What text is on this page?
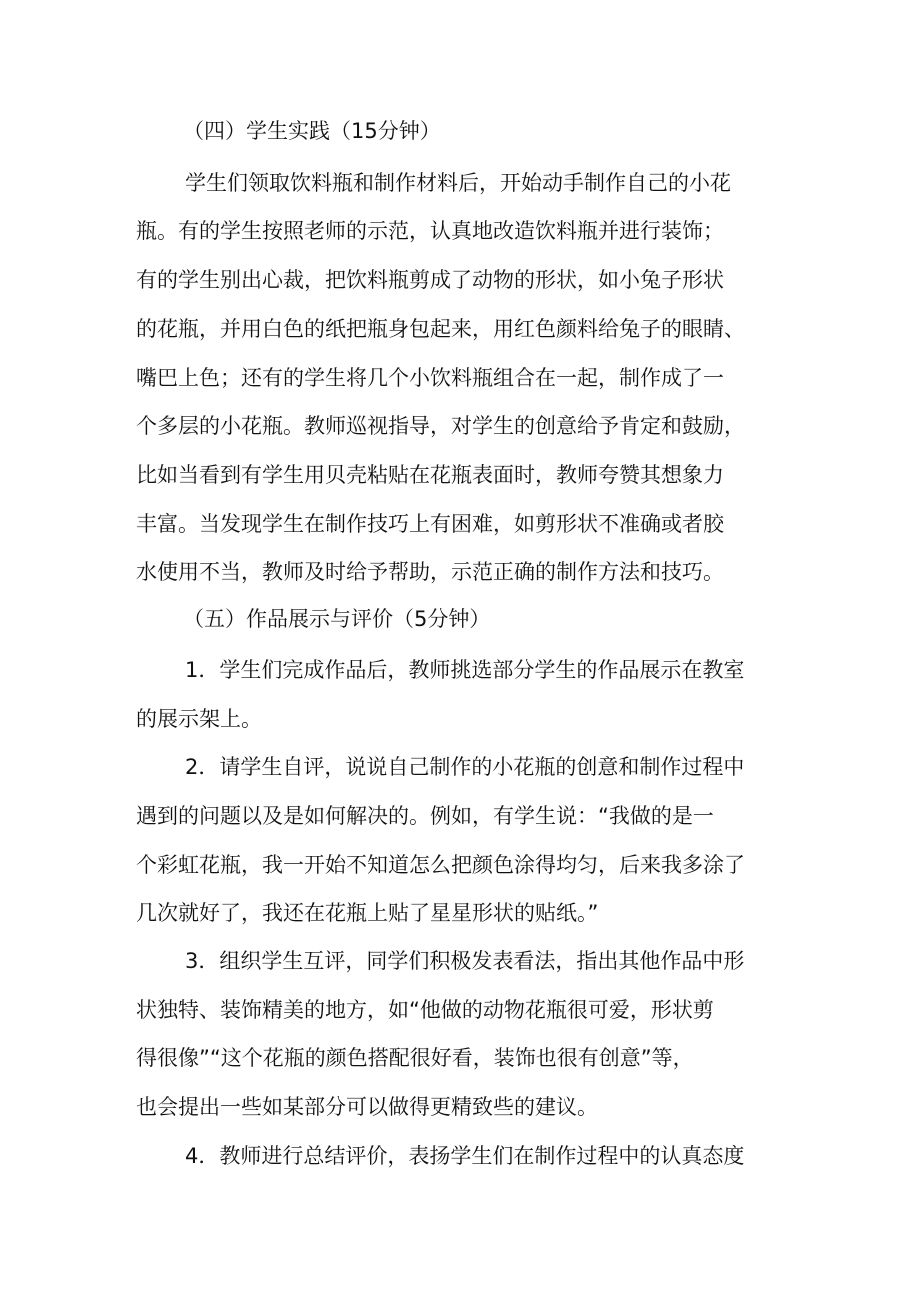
（四）学生实践（15分钟）
学生们领取饮料瓶和制作材料后，开始动手制作自己的小花
瓶。有的学生按照老师的示范，认真地改造饮料瓶并进行装饰；
有的学生别出心裁，把饮料瓶剪成了动物的形状，如小兔子形状
的花瓶，并用白色的纸把瓶身包起来，用红色颜料给兔子的眼睛、
嘴巴上色；还有的学生将几个小饮料瓶组合在一起，制作成了一
个多层的小花瓶。教师巡视指导，对学生的创意给予肯定和鼓励，
比如当看到有学生用贝壳粘贴在花瓶表面时，教师夸赞其想象力
丰富。当发现学生在制作技巧上有困难，如剪形状不准确或者胶
水使用不当，教师及时给予帮助，示范正确的制作方法和技巧。
（五）作品展示与评价（5分钟）
1．学生们完成作品后，教师挑选部分学生的作品展示在教室
的展示架上。
2．请学生自评，说说自己制作的小花瓶的创意和制作过程中
遇到的问题以及是如何解决的。例如，有学生说：“我做的是一
个彩虹花瓶，我一开始不知道怎么把颜色涂得均匀，后来我多涂了
几次就好了，我还在花瓶上贴了星星形状的贴纸。”
3．组织学生互评，同学们积极发表看法，指出其他作品中形
状独特、装饰精美的地方，如“他做的动物花瓶很可爱，形状剪
得很像”“这个花瓶的颜色搭配很好看，装饰也很有创意”等，
也会提出一些如某部分可以做得更精致些的建议。
4．教师进行总结评价，表扬学生们在制作过程中的认真态度
